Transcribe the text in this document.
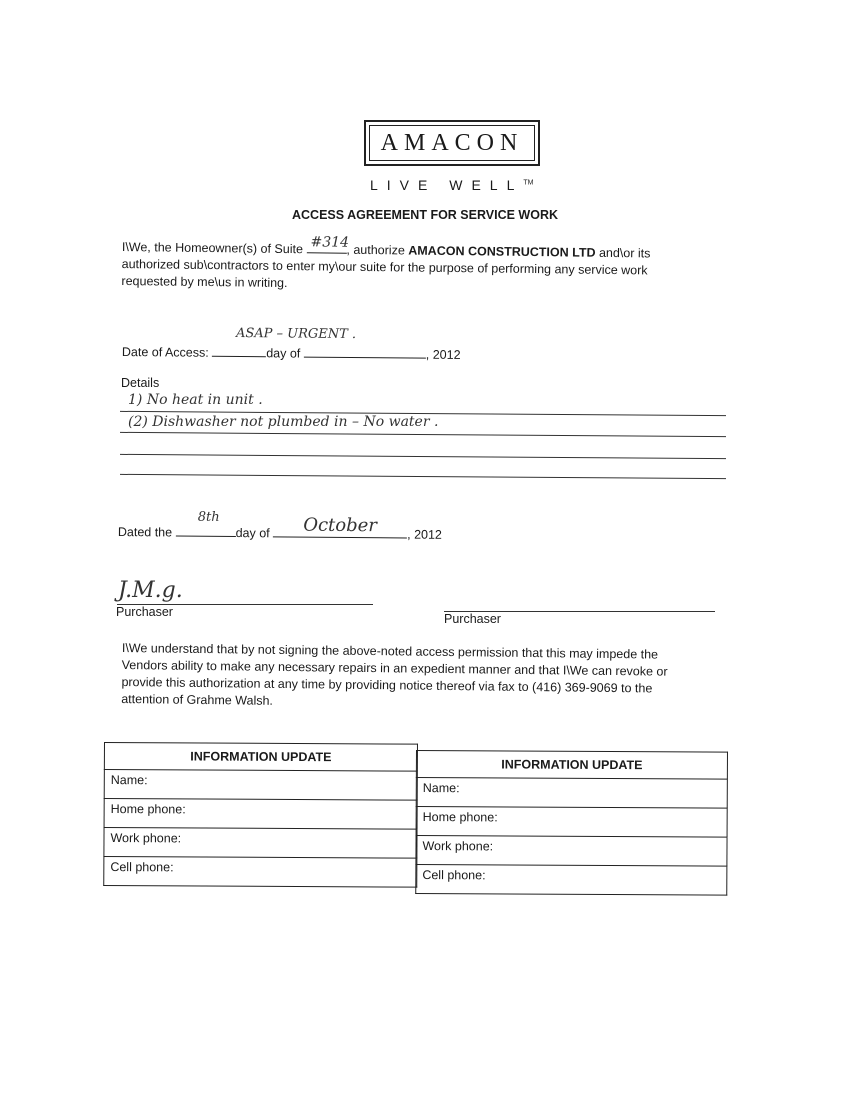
AMACON
LIVE WELL™
ACCESS AGREEMENT FOR SERVICE WORK
I\We, the Homeowner(s) of Suite #314
, authorize AMACON CONSTRUCTION LTD and\or its authorized sub\contractors to enter my\our suite for the purpose of performing any service work requested by me\us in writing.
Date of Access:	day of
ASAP – URGENT .
, 2012
Details
1) No heat in unit .
(2) Dishwasher not plumbed in – No water .
Dated the
8th
day of October , 2012
J.M.g.
Purchaser	Purchaser
I\We understand that by not signing the above-noted access permission that this may impede the Vendors ability to make any necessary repairs in an expedient manner and that I\We can revoke or provide this authorization at any time by providing notice thereof via fax to (416) 369-9069 to the attention of Grahme Walsh.
INFORMATION UPDATE
Name:
Home phone:
Work phone:
Cell phone:
INFORMATION UPDATE
Name:
Home phone:
Work phone:
Cell phone:
